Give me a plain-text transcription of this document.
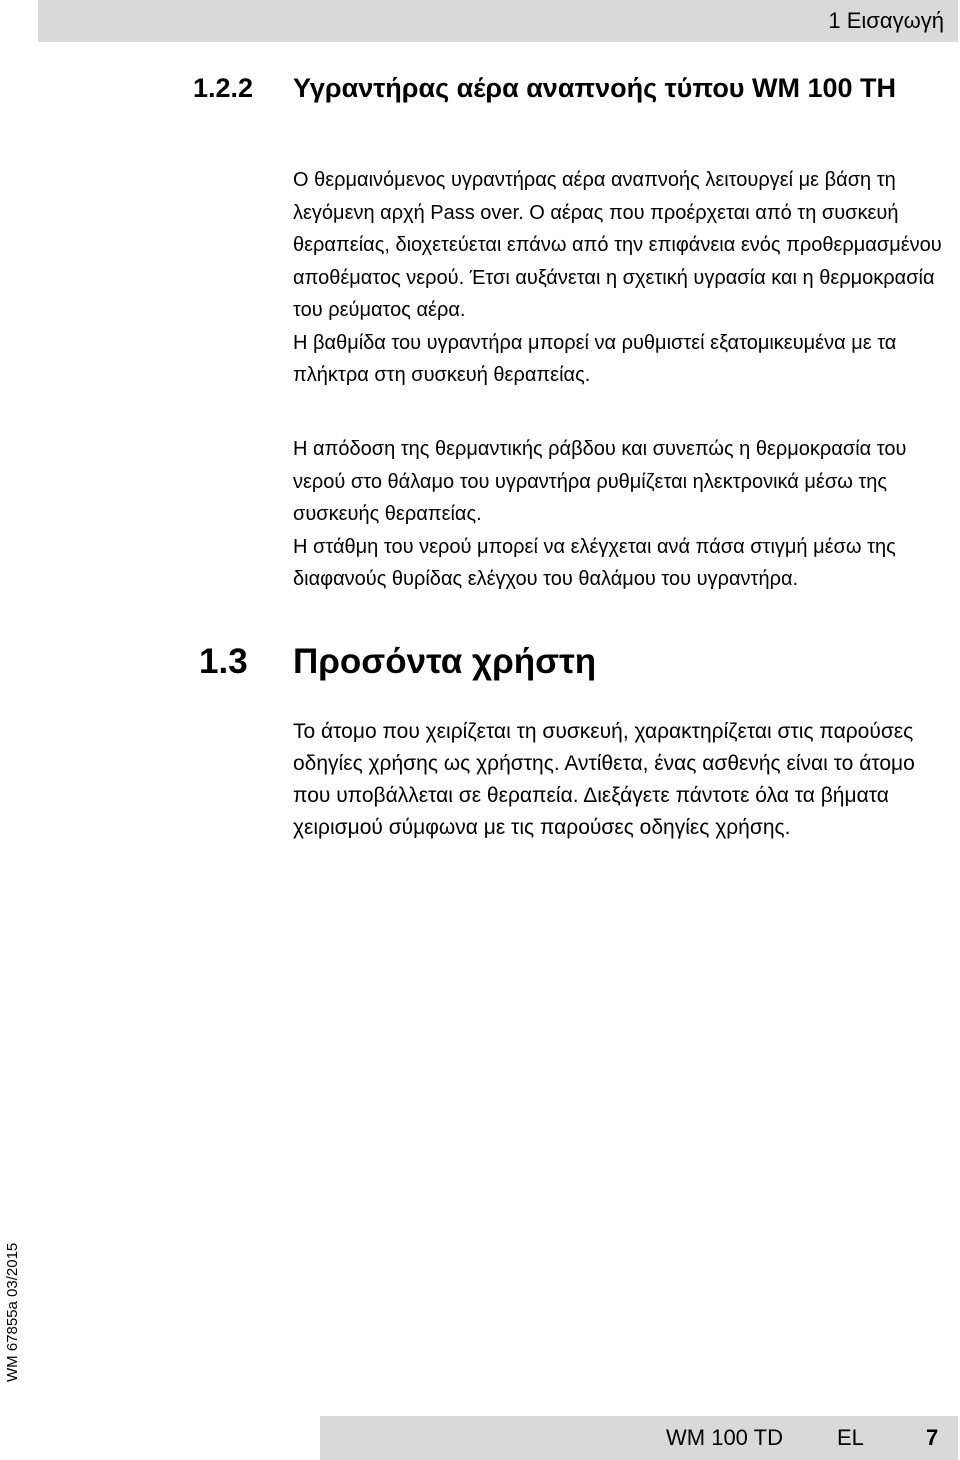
1 Εισαγωγή
1.2.2 Υγραντήρας αέρα αναπνοής τύπου WM 100 TH

Ο θερμαινόμενος υγραντήρας αέρα αναπνοής λειτουργεί με βάση τη λεγόμενη αρχή Pass over. Ο αέρας που προέρχεται από τη συσκευή θεραπείας, διοχετεύεται επάνω από την επιφάνεια ενός προθερμασμένου αποθέματος νερού. Έτσι αυξάνεται η σχετική υγρασία και η θερμοκρασία του ρεύματος αέρα.

Η βαθμίδα του υγραντήρα μπορεί να ρυθμιστεί εξατομικευμένα με τα πλήκτρα στη συσκευή θεραπείας.

Η απόδοση της θερμαντικής ράβδου και συνεπώς η θερμοκρασία του νερού στο θάλαμο του υγραντήρα ρυθμίζεται ηλεκτρονικά μέσω της συσκευής θεραπείας.

Η στάθμη του νερού μπορεί να ελέγχεται ανά πάσα στιγμή μέσω της διαφανούς θυρίδας ελέγχου του θαλάμου του υγραντήρα.

1.3 Προσόντα χρήστη

Το άτομο που χειρίζεται τη συσκευή, χαρακτηρίζεται στις παρούσες οδηγίες χρήσης ως χρήστης. Αντίθετα, ένας ασθενής είναι το άτομο που υποβάλλεται σε θεραπεία. Διεξάγετε πάντοτε όλα τα βήματα χειρισμού σύμφωνα με τις παρούσες οδηγίες χρήσης.

WM 67855a 03/2015
WM 100 TD EL	7
